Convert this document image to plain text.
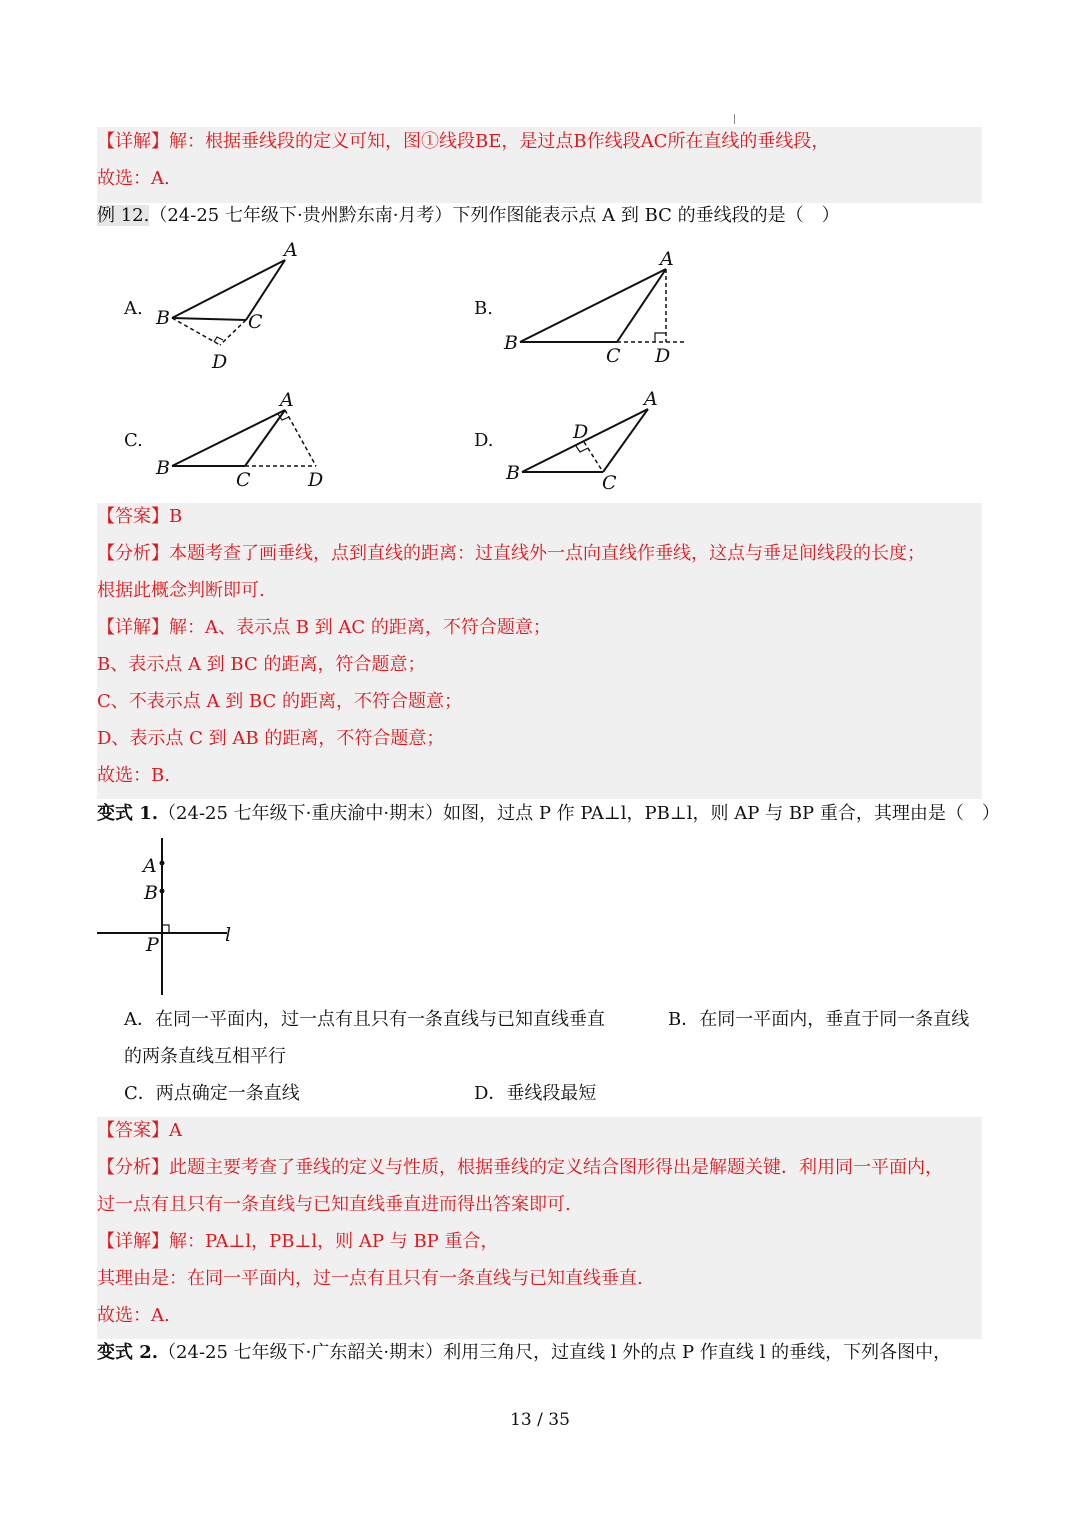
【详解】解：根据垂线段的定义可知，图①线段BE，是过点B作线段AC所在直线的垂线段，
故选：A.
例 12.（24-25 七年级下·贵州黔东南·月考）下列作图能表示点 A 到 BC 的垂线段的是（　）
A.	B.
C.	D.
A
B	C
D
A
B
C D
A
B
C	D
A
B	C
D
【答案】B
【分析】本题考查了画垂线，点到直线的距离：过直线外一点向直线作垂线，这点与垂足间线段的长度；
根据此概念判断即可.
【详解】解：A、表示点 B 到 AC 的距离，不符合题意；
B、表示点 A 到 BC 的距离，符合题意；
C、不表示点 A 到 BC 的距离，不符合题意；
D、表示点 C 到 AB 的距离，不符合题意；
故选：B.
变式 1.（24-25 七年级下·重庆渝中·期末）如图，过点 P 作 PA⊥l，PB⊥l，则 AP 与 BP 重合，其理由是（　）
A
B
P	l
A．在同一平面内，过一点有且只有一条直线与已知直线垂直	B．在同一平面内，垂直于同一条直线
的两条直线互相平行
C．两点确定一条直线	D．垂线段最短
【答案】A
【分析】此题主要考查了垂线的定义与性质，根据垂线的定义结合图形得出是解题关键．利用同一平面内，
过一点有且只有一条直线与已知直线垂直进而得出答案即可.
【详解】解：PA⊥l，PB⊥l，则 AP 与 BP 重合，
其理由是：在同一平面内，过一点有且只有一条直线与已知直线垂直.
故选：A.
变式 2.（24-25 七年级下·广东韶关·期末）利用三角尺，过直线 l 外的点 P 作直线 l 的垂线，下列各图中，
13 / 35
